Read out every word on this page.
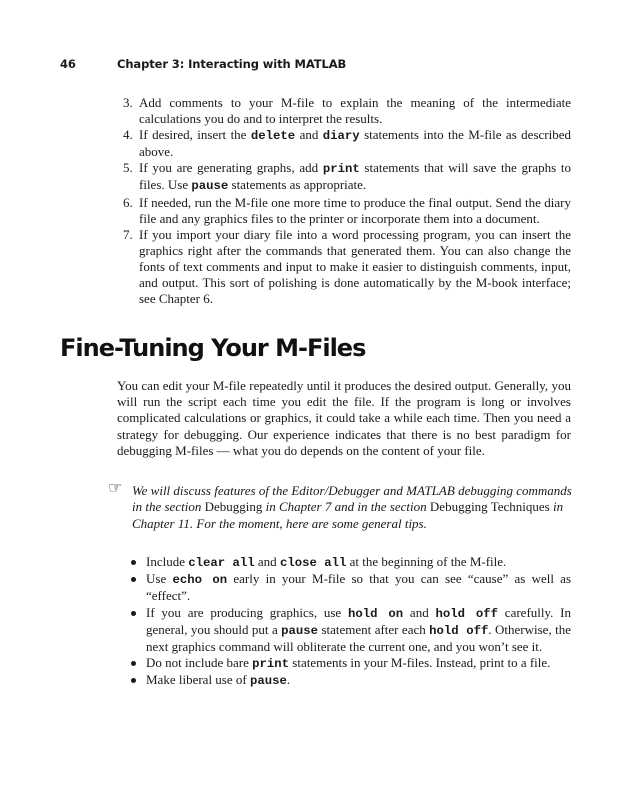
46	Chapter 3: Interacting with MATLAB
3. Add comments to your M-file to explain the meaning of the intermediate calculations you do and to interpret the results.
4. If desired, insert the delete and diary statements into the M-file as described above.
5. If you are generating graphs, add print statements that will save the graphs to files. Use pause statements as appropriate.
6. If needed, run the M-file one more time to produce the final output. Send the diary file and any graphics files to the printer or incorporate them into a document.
7. If you import your diary file into a word processing program, you can insert the graphics right after the commands that generated them. You can also change the fonts of text comments and input to make it easier to distinguish comments, input, and output. This sort of polishing is done automatically by the M-book interface; see Chapter 6.
Fine-Tuning Your M-Files

You can edit your M-file repeatedly until it produces the desired output. Generally, you will run the script each time you edit the file. If the program is long or involves complicated calculations or graphics, it could take a while each time. Then you need a strategy for debugging. Our experience indicates that there is no best paradigm for debugging M-files — what you do depends on the content of your file.

☞ We will discuss features of the Editor/Debugger and MATLAB debugging commands in the section Debugging in Chapter 7 and in the section Debugging Techniques in Chapter 11. For the moment, here are some general tips.
Include clear all and close all at the beginning of the M-file.
Use echo on early in your M-file so that you can see “cause” as well as “effect”.
If you are producing graphics, use hold on and hold off carefully. In general, you should put a pause statement after each hold off. Otherwise, the next graphics command will obliterate the current one, and you won’t see it.
Do not include bare print statements in your M-files. Instead, print to a file.
Make liberal use of pause.
